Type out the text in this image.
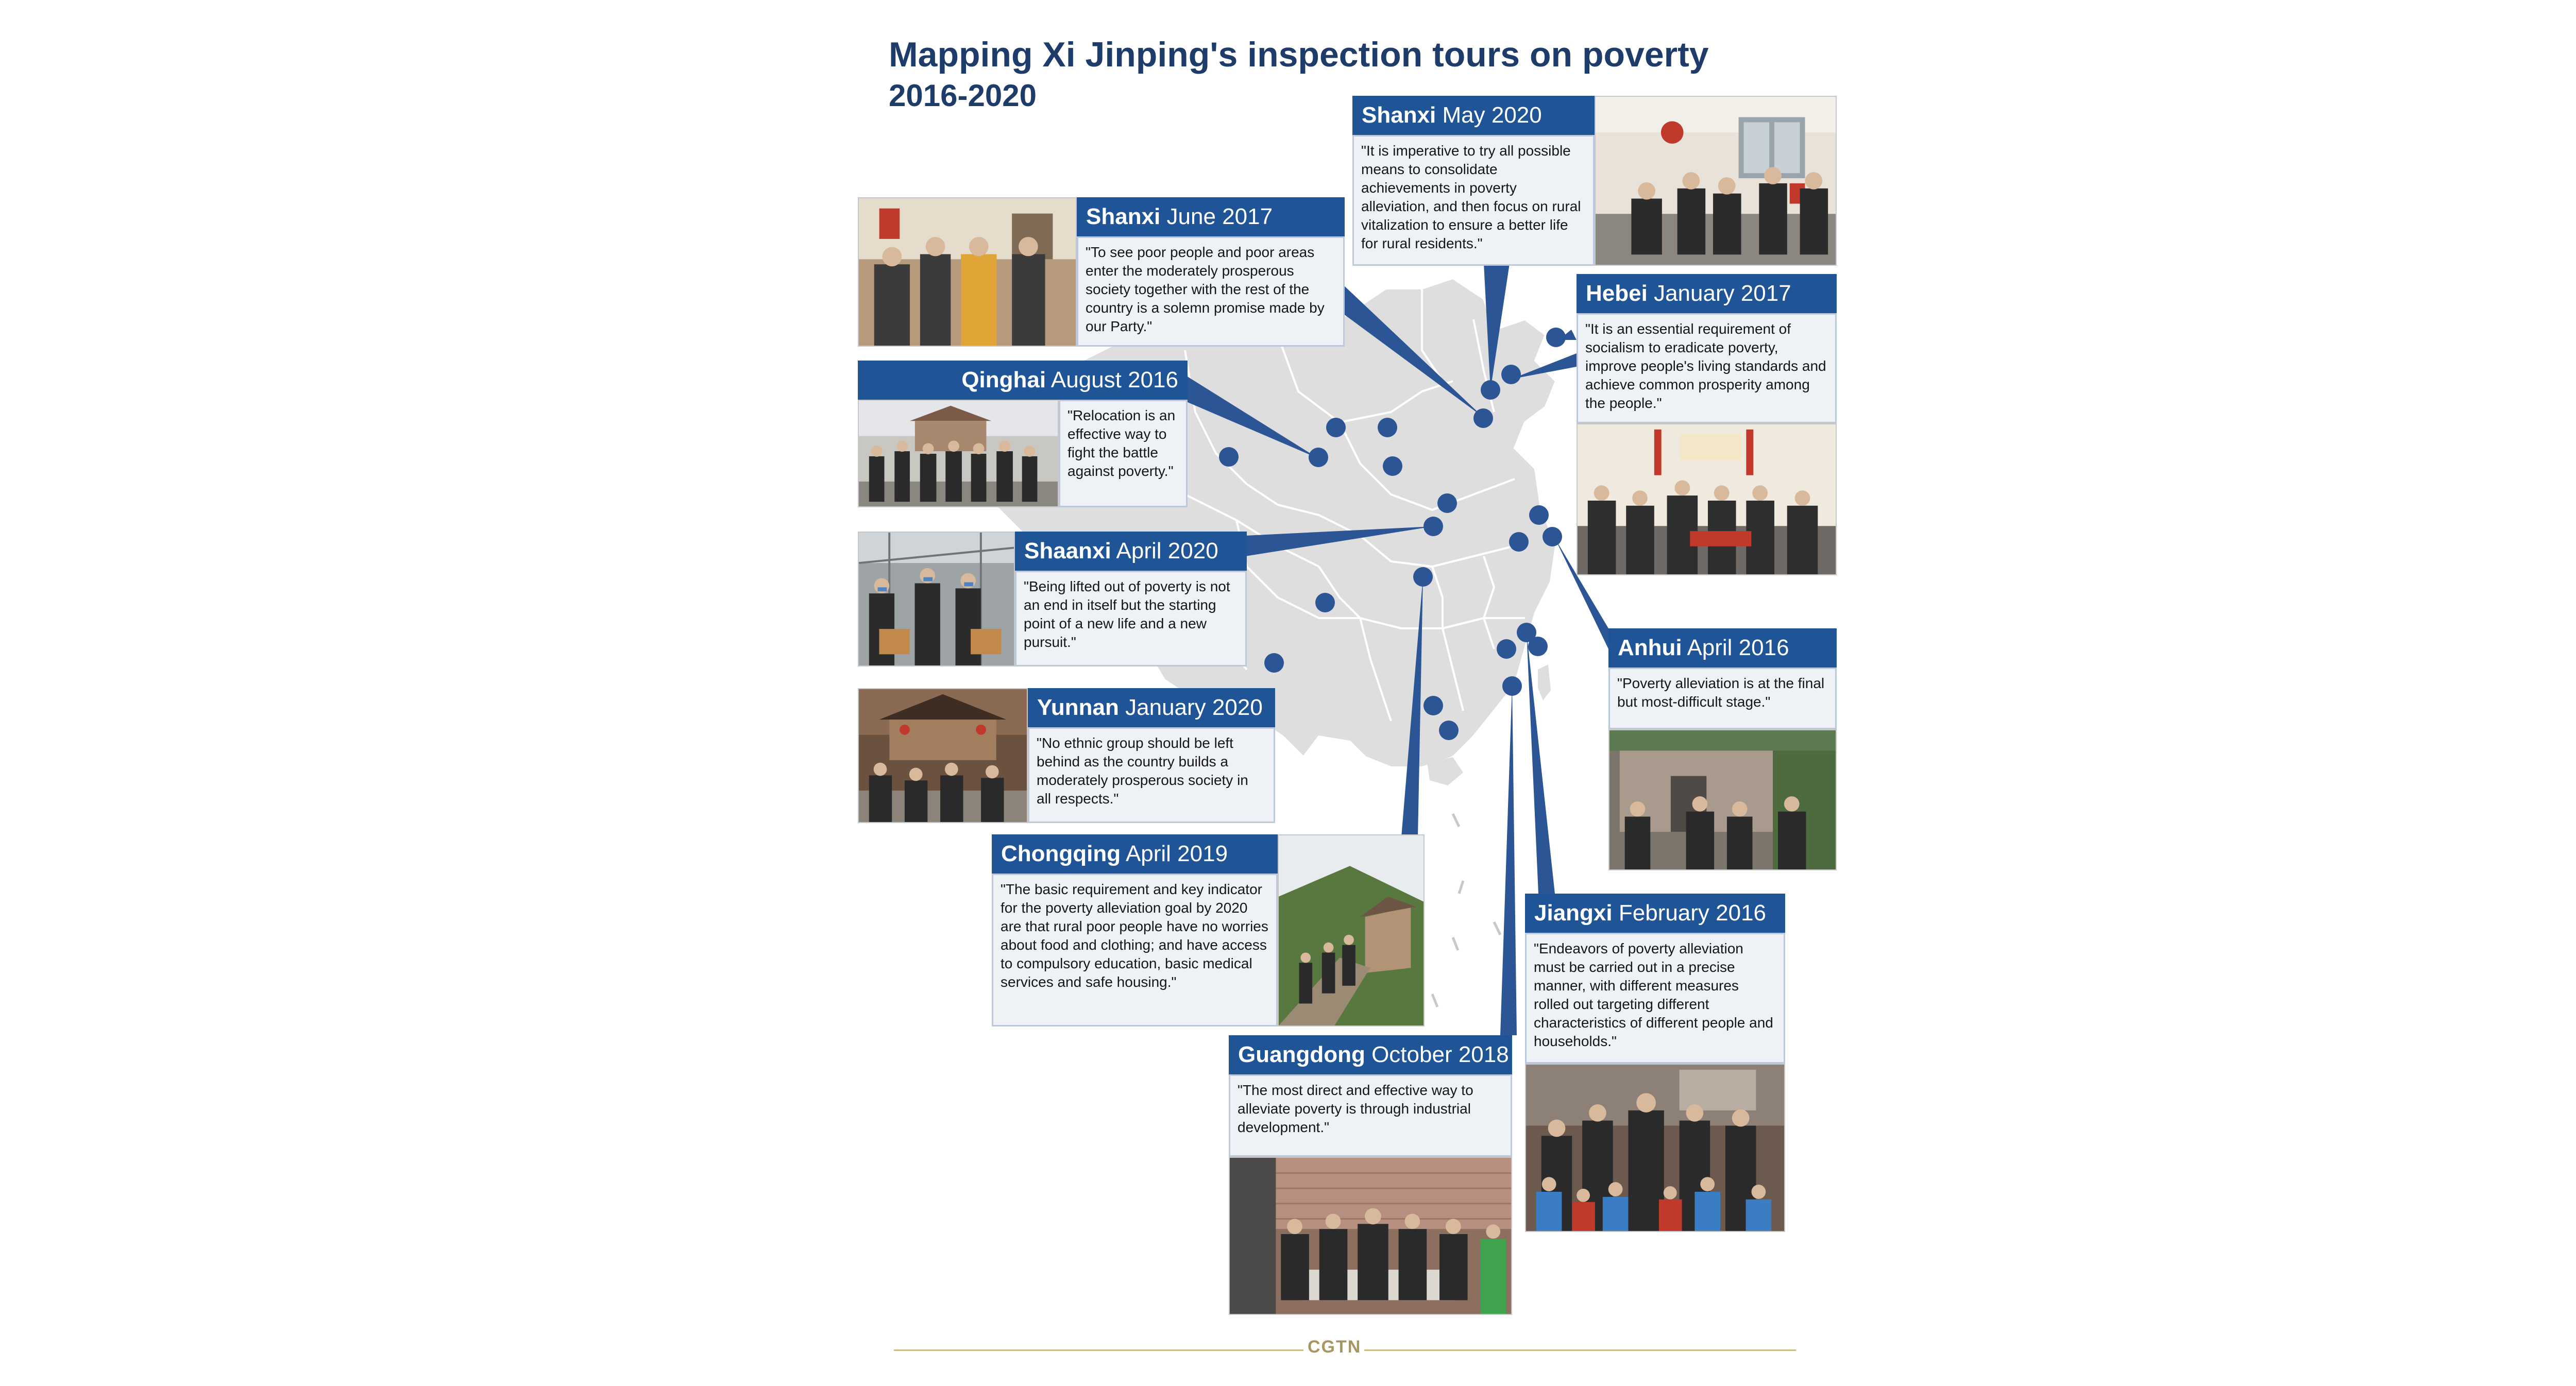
Mapping Xi Jinping's inspection tours on poverty
2016-2020
Shanxi May 2020
"It is imperative to try all possible means to consolidate achievements in poverty alleviation, and then focus on rural vitalization to ensure a better life for rural residents."
Shanxi June 2017
"To see poor people and poor areas enter the moderately prosperous society together with the rest of the country is a solemn promise made by our Party."
Hebei January 2017
"It is an essential requirement of socialism to eradicate poverty, improve people's living standards and achieve common prosperity among the people."
Qinghai August 2016
"Relocation is an effective way to fight the battle against poverty."
Shaanxi April 2020
"Being lifted out of poverty is not an end in itself but the starting point of a new life and a new pursuit."	Anhui April 2016
"Poverty alleviation is at the final but most-difficult stage."
Yunnan January 2020
"No ethnic group should be left behind as the country builds a moderately prosperous society in all respects."
Chongqing April 2019
"The basic requirement and key indicator for the poverty alleviation goal by 2020 are that rural poor people have no worries about food and clothing; and have access to compulsory education, basic medical services and safe housing."
Jiangxi February 2016
"Endeavors of poverty alleviation must be carried out in a precise manner, with different measures rolled out targeting different characteristics of different people and households."
Guangdong October 2018
"The most direct and effective way to alleviate poverty is through industrial development."
CGTN
